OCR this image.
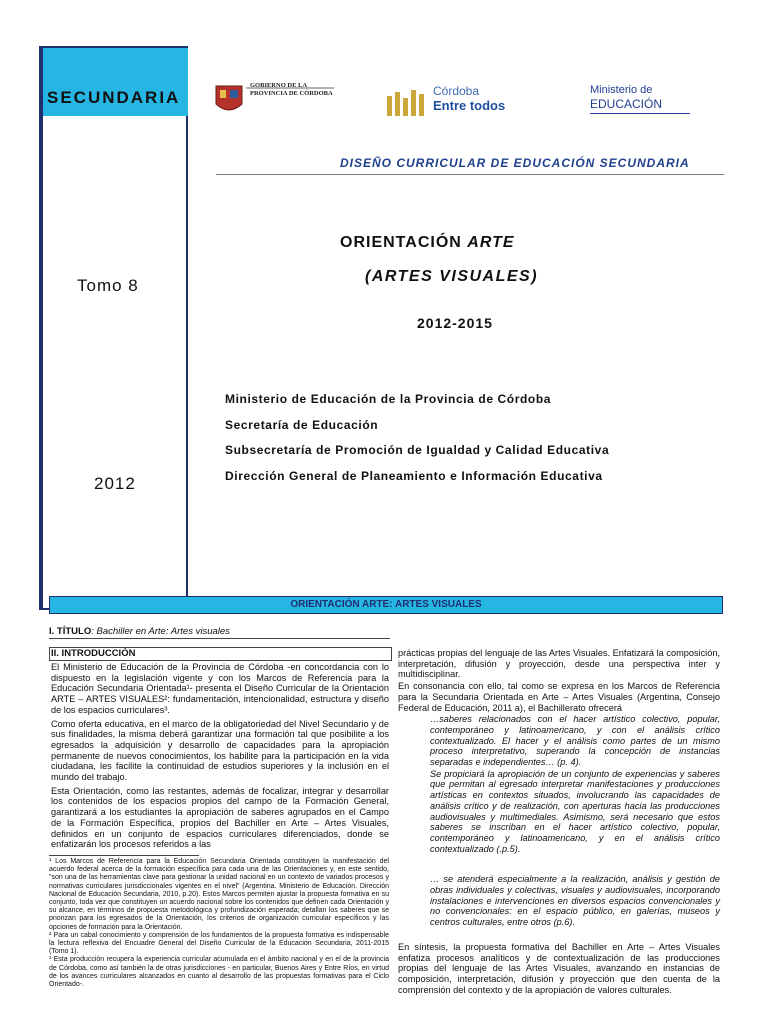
SECUNDARIA
Tomo 8
2012
GOBIERNO DE LA PROVINCIA DE CÓRDOBA	Córdoba
Entre todos
Ministerio de
EDUCACIÓN
DISEÑO CURRICULAR DE EDUCACIÓN SECUNDARIA
ORIENTACIÓN ARTE
(ARTES VISUALES)
2012-2015
Ministerio de Educación de la Provincia de Córdoba
Secretaría de Educación
Subsecretaría de Promoción de Igualdad y Calidad Educativa
Dirección General de Planeamiento e Información Educativa
ORIENTACIÓN ARTE: ARTES VISUALES
I. TÍTULO: Bachiller en Arte: Artes visuales
II. INTRODUCCIÓN

El Ministerio de Educación de la Provincia de Córdoba -en concordancia con lo dispuesto en la legislación vigente y con los Marcos de Referencia para la Educación Secundaria Orientada¹- presenta el Diseño Curricular de la Orientación ARTE – ARTES VISUALES²: fundamentación, intencionalidad, estructura y diseño de los espacios curriculares³.

Como oferta educativa, en el marco de la obligatoriedad del Nivel Secundario y de sus finalidades, la misma deberá garantizar una formación tal que posibilite a los egresados la adquisición y desarrollo de capacidades para la apropiación permanente de nuevos conocimientos, los habilite para la participación en la vida ciudadana, les facilite la continuidad de estudios superiores y la inclusión en el mundo del trabajo.

Esta Orientación, como las restantes, además de focalizar, integrar y desarrollar los contenidos de los espacios propios del campo de la Formación General, garantizará a los estudiantes la apropiación de saberes agrupados en el Campo de la Formación Específica, propios del Bachiller en Arte – Artes Visuales, definidos en un conjunto de espacios curriculares diferenciados, donde se enfatizarán los procesos referidos a las

¹ Los Marcos de Referencia para la Educación Secundaria Orientada constituyen la manifestación del acuerdo federal acerca de la formación específica para cada una de las Orientaciones y, en este sentido, "son una de las herramientas clave para gestionar la unidad nacional en un contexto de variados procesos y normativas curriculares jurisdiccionales vigentes en el nivel" (Argentina. Ministerio de Educación. Dirección Nacional de Educación Secundaria, 2010, p.20). Estos Marcos permiten ajustar la propuesta formativa en su conjunto, toda vez que constituyen un acuerdo nacional sobre los contenidos que definen cada Orientación y su alcance, en términos de propuesta metodológica y profundización esperada; detallan los saberes que se priorizan para los egresados de la Orientación, los criterios de organización curricular específicos y las opciones de formación para la Orientación.

² Para un cabal conocimiento y comprensión de los fundamentos de la propuesta formativa es indispensable la lectura reflexiva del Encuadre General del Diseño Curricular de la Educación Secundaria, 2011-2015 (Tomo 1).

³ Esta producción recupera la experiencia curricular acumulada en el ámbito nacional y en el de la provincia de Córdoba, como así también la de otras jurisdicciones - en particular, Buenos Aires y Entre Ríos, en virtud de los avances curriculares alcanzados en cuanto al desarrollo de las propuestas formativas para el Ciclo Orientado-.

prácticas propias del lenguaje de las Artes Visuales. Enfatizará la composición, interpretación, difusión y proyección, desde una perspectiva inter y multidisciplinar.

En consonancia con ello, tal como se expresa en los Marcos de Referencia para la Secundaria Orientada en Arte – Artes Visuales (Argentina, Consejo Federal de Educación, 2011 a), el Bachillerato ofrecerá

…saberes relacionados con el hacer artístico colectivo, popular, contemporáneo y latinoamericano, y con el análisis crítico contextualizado. El hacer y el análisis como partes de un mismo proceso interpretativo, superando la concepción de instancias separadas e independientes… (p. 4).

Se propiciará la apropiación de un conjunto de experiencias y saberes que permitan al egresado interpretar manifestaciones y producciones artísticas en contextos situados, involucrando las capacidades de análisis crítico y de realización, con aperturas hacia las producciones audiovisuales y multimediales. Asimismo, será necesario que estos saberes se inscriban en el hacer artístico colectivo, popular, contemporáneo y latinoamericano, y en el análisis crítico contextualizado (.p.5).

… se atenderá especialmente a la realización, análisis y gestión de obras individuales y colectivas, visuales y audiovisuales, incorporando instalaciones e intervenciones en diversos espacios convencionales y no convencionales: en el espacio público, en galerías, museos y centros culturales, entre otros (p.6).

En síntesis, la propuesta formativa del Bachiller en Arte – Artes Visuales enfatiza procesos analíticos y de contextualización de las producciones propias del lenguaje de las Artes Visuales, avanzando en instancias de composición, interpretación, difusión y proyección que den cuenta de la comprensión del contexto y de la apropiación de valores culturales.
